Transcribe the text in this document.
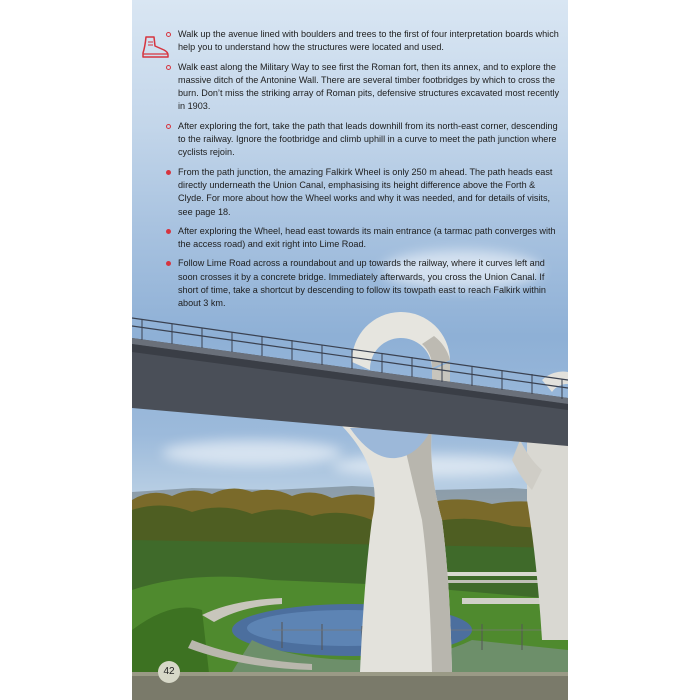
Walk up the avenue lined with boulders and trees to the first of four interpretation boards which help you to understand how the structures were located and used.
Walk east along the Military Way to see first the Roman fort, then its annex, and to explore the massive ditch of the Antonine Wall. There are several timber footbridges by which to cross the burn. Don’t miss the striking array of Roman pits, defensive structures excavated most recently in 1903.
After exploring the fort, take the path that leads downhill from its north-east corner, descending to the railway. Ignore the footbridge and climb uphill in a curve to meet the path junction where cyclists rejoin.
From the path junction, the amazing Falkirk Wheel is only 250 m ahead. The path heads east directly underneath the Union Canal, emphasising its height difference above the Forth & Clyde. For more about how the Wheel works and why it was needed, and for details of visits, see page 18.
After exploring the Wheel, head east towards its main entrance (a tarmac path converges with the access road) and exit right into Lime Road.
Follow Lime Road across a roundabout and up towards the railway, where it curves left and soon crosses it by a concrete bridge. Immediately afterwards, you cross the Union Canal. If short of time, take a shortcut by descending to follow its towpath east to reach Falkirk within about 3 km.
42
